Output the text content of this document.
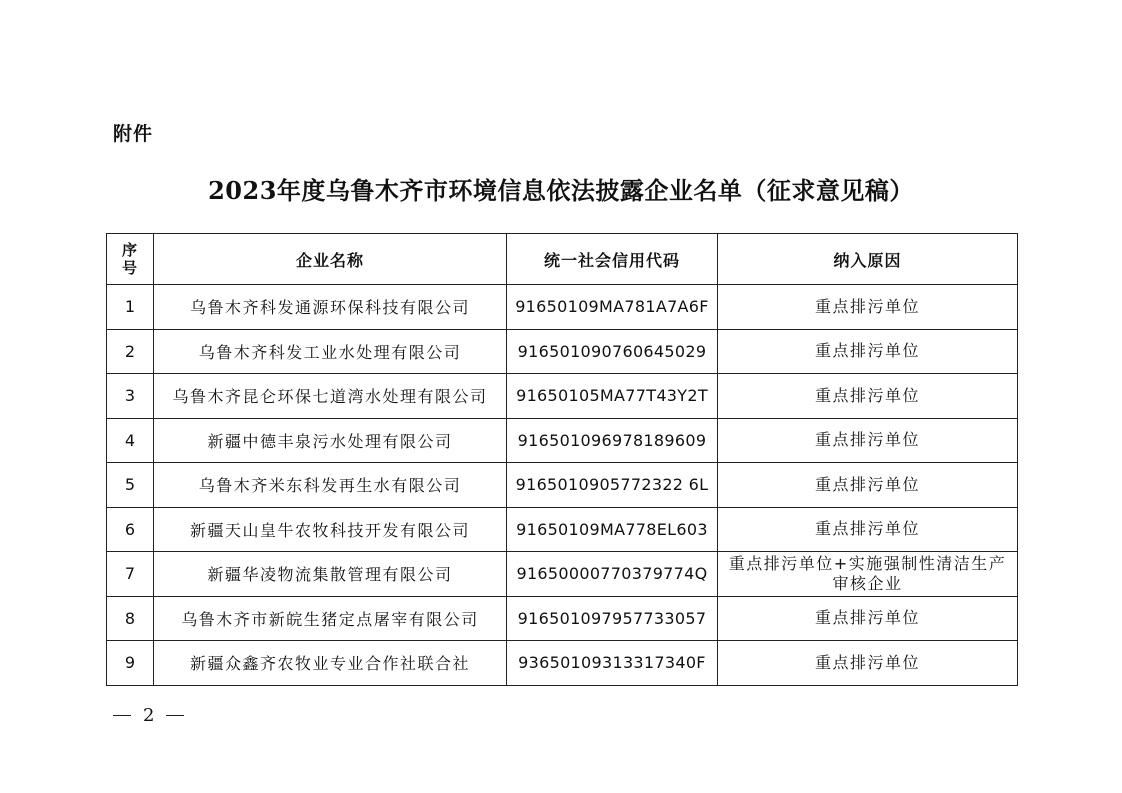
附件
2023年度乌鲁木齐市环境信息依法披露企业名单（征求意见稿）
序
号	企业名称	统一社会信用代码	纳入原因
1	乌鲁木齐科发通源环保科技有限公司	91650109MA781A7A6F	重点排污单位
2	乌鲁木齐科发工业水处理有限公司	916501090760645029	重点排污单位
3	乌鲁木齐昆仑环保七道湾水处理有限公司	91650105MA77T43Y2T	重点排污单位
4	新疆中德丰泉污水处理有限公司	916501096978189609	重点排污单位
5	乌鲁木齐米东科发再生水有限公司	9165010905772322 6L	重点排污单位
6	新疆天山皇牛农牧科技开发有限公司	91650109MA778EL603	重点排污单位
7	新疆华凌物流集散管理有限公司	91650000770379774Q	重点排污单位+实施强制性清洁生产审核企业
8	乌鲁木齐市新皖生猪定点屠宰有限公司	916501097957733057	重点排污单位
9	新疆众鑫齐农牧业专业合作社联合社	93650109313317340F	重点排污单位
2
